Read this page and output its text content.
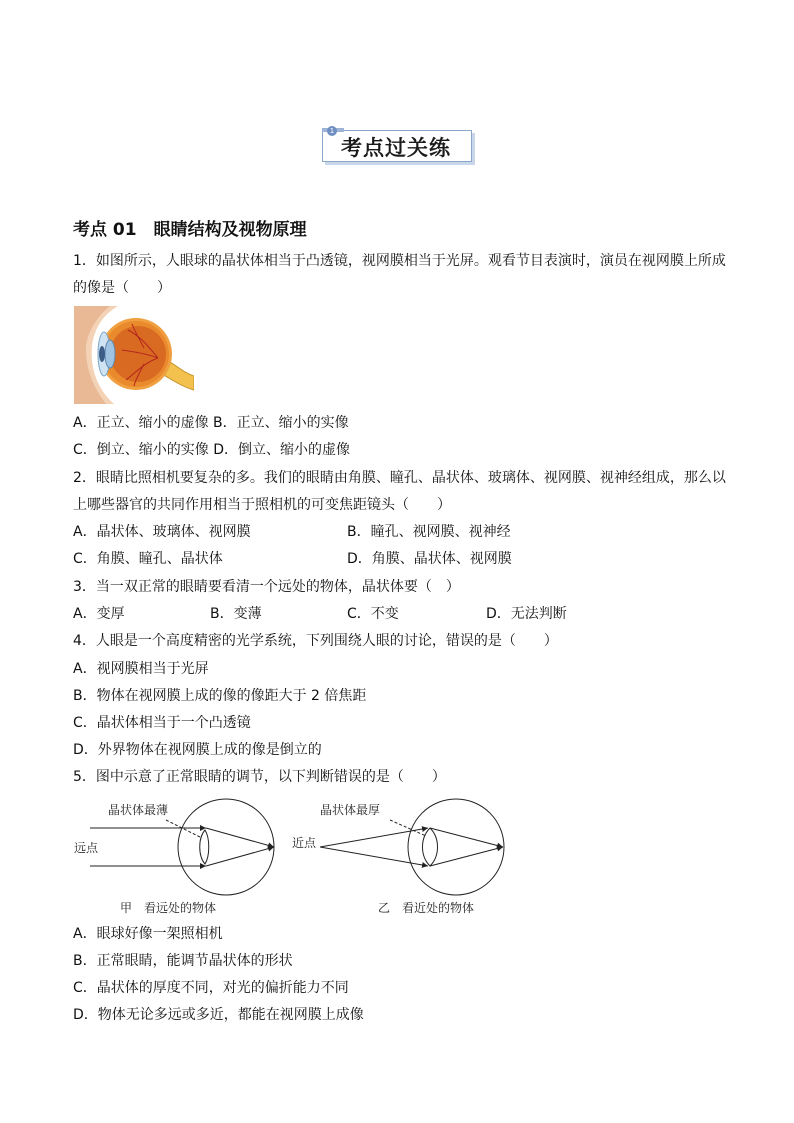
1
考点过关练
考点 01　眼睛结构及视物原理
1．如图所示，人眼球的晶状体相当于凸透镜，视网膜相当于光屏。观看节目表演时，演员在视网膜上所成
的像是（　　）
A．正立、缩小的虚像 B．正立、缩小的实像
C．倒立、缩小的实像 D．倒立、缩小的虚像
2．眼睛比照相机要复杂的多。我们的眼睛由角膜、瞳孔、晶状体、玻璃体、视网膜、视神经组成，那么以
上哪些器官的共同作用相当于照相机的可变焦距镜头（　　）
A．晶状体、玻璃体、视网膜	B．瞳孔、视网膜、视神经
C．角膜、瞳孔、晶状体	D．角膜、晶状体、视网膜
3．当一双正常的眼睛要看清一个远处的物体，晶状体要（　）
A．变厚	B．变薄	C．不变	D．无法判断
4．人眼是一个高度精密的光学系统，下列围绕人眼的讨论，错误的是（　　）
A．视网膜相当于光屏
B．物体在视网膜上成的像的像距大于 2 倍焦距
C．晶状体相当于一个凸透镜
D．外界物体在视网膜上成的像是倒立的
5．图中示意了正常眼睛的调节，以下判断错误的是（　　）
晶状体最薄
远点
甲　看远处的物体
晶状体最厚
近点
乙　看近处的物体
A．眼球好像一架照相机
B．正常眼睛，能调节晶状体的形状
C．晶状体的厚度不同，对光的偏折能力不同
D．物体无论多远或多近，都能在视网膜上成像
